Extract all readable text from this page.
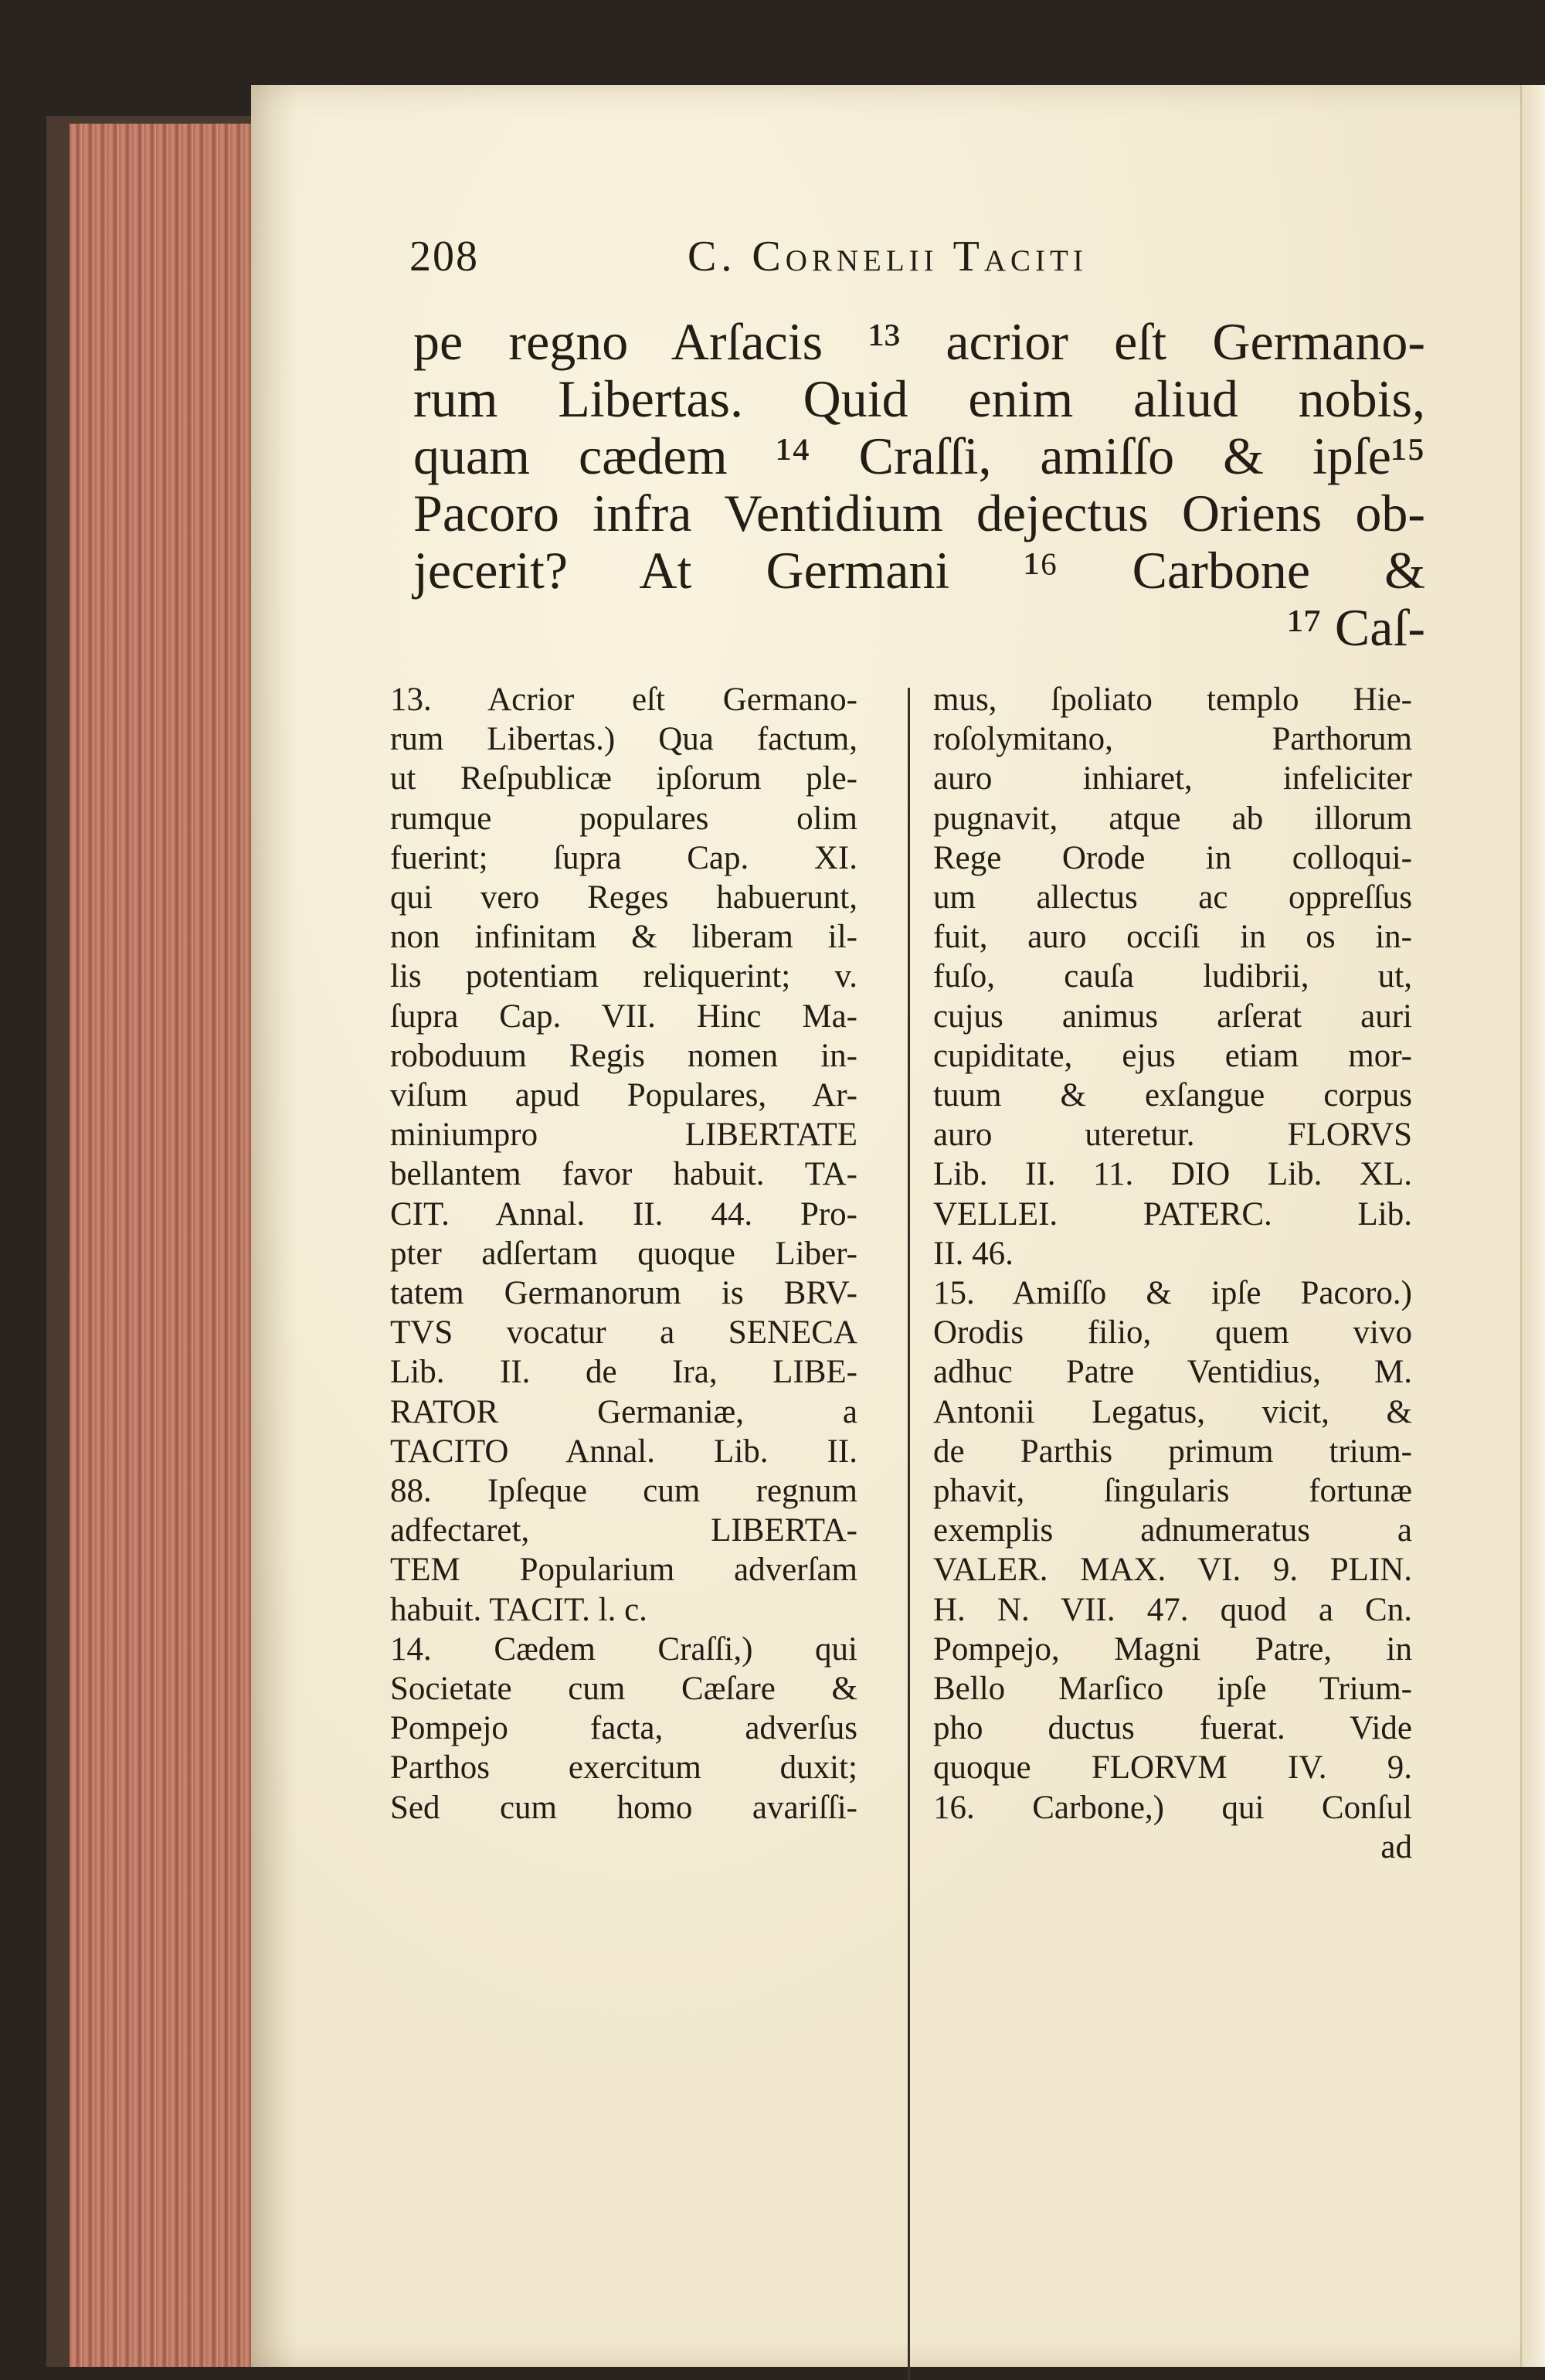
208	C. Cornelii Taciti
pe regno Arſacis ¹³ acrior eſt Germano-
rum Libertas. Quid enim aliud nobis,
quam cædem ¹⁴ Craſſi, amiſſo & ipſe¹⁵
Pacoro infra Ventidium dejectus Oriens ob-
jecerit? At Germani ¹⁶ Carbone &
¹⁷ Caſ-
13. Acrior eſt Germano-
rum Libertas.) Qua factum,
ut Reſpublicæ ipſorum ple-
rumque populares olim
fuerint; ſupra Cap. XI.
qui vero Reges habuerunt,
non infinitam & liberam il-
lis potentiam reliquerint; v.
ſupra Cap. VII. Hinc Ma-
roboduum Regis nomen in-
viſum apud Populares, Ar-
miniumpro LIBERTATE
bellantem favor habuit. TA-
CIT. Annal. II. 44. Pro-
pter adſertam quoque Liber-
tatem Germanorum is BRV-
TVS vocatur a SENECA
Lib. II. de Ira, LIBE-
RATOR Germaniæ, a
TACITO Annal. Lib. II.
88. Ipſeque cum regnum
adfectaret, LIBERTA-
TEM Popularium adverſam
habuit. TACIT. l. c.
14. Cædem Craſſi,) qui
Societate cum Cæſare &
Pompejo facta, adverſus
Parthos exercitum duxit;
Sed cum homo avariſſi-
mus, ſpoliato templo Hie-
roſolymitano, Parthorum
auro inhiaret, infeliciter
pugnavit, atque ab illorum
Rege Orode in colloqui-
um allectus ac oppreſſus
fuit, auro occiſi in os in-
fuſo, cauſa ludibrii, ut,
cujus animus arſerat auri
cupiditate, ejus etiam mor-
tuum & exſangue corpus
auro uteretur. FLORVS
Lib. II. 11. DIO Lib. XL.
VELLEI. PATERC. Lib.
II. 46.
15. Amiſſo & ipſe Pacoro.)
Orodis filio, quem vivo
adhuc Patre Ventidius, M.
Antonii Legatus, vicit, &
de Parthis primum trium-
phavit, ſingularis fortunæ
exemplis adnumeratus a
VALER. MAX. VI. 9. PLIN.
H. N. VII. 47. quod a Cn.
Pompejo, Magni Patre, in
Bello Marſico ipſe Trium-
pho ductus fuerat. Vide
quoque FLORVM IV. 9.
16. Carbone,) qui Conſul
ad
